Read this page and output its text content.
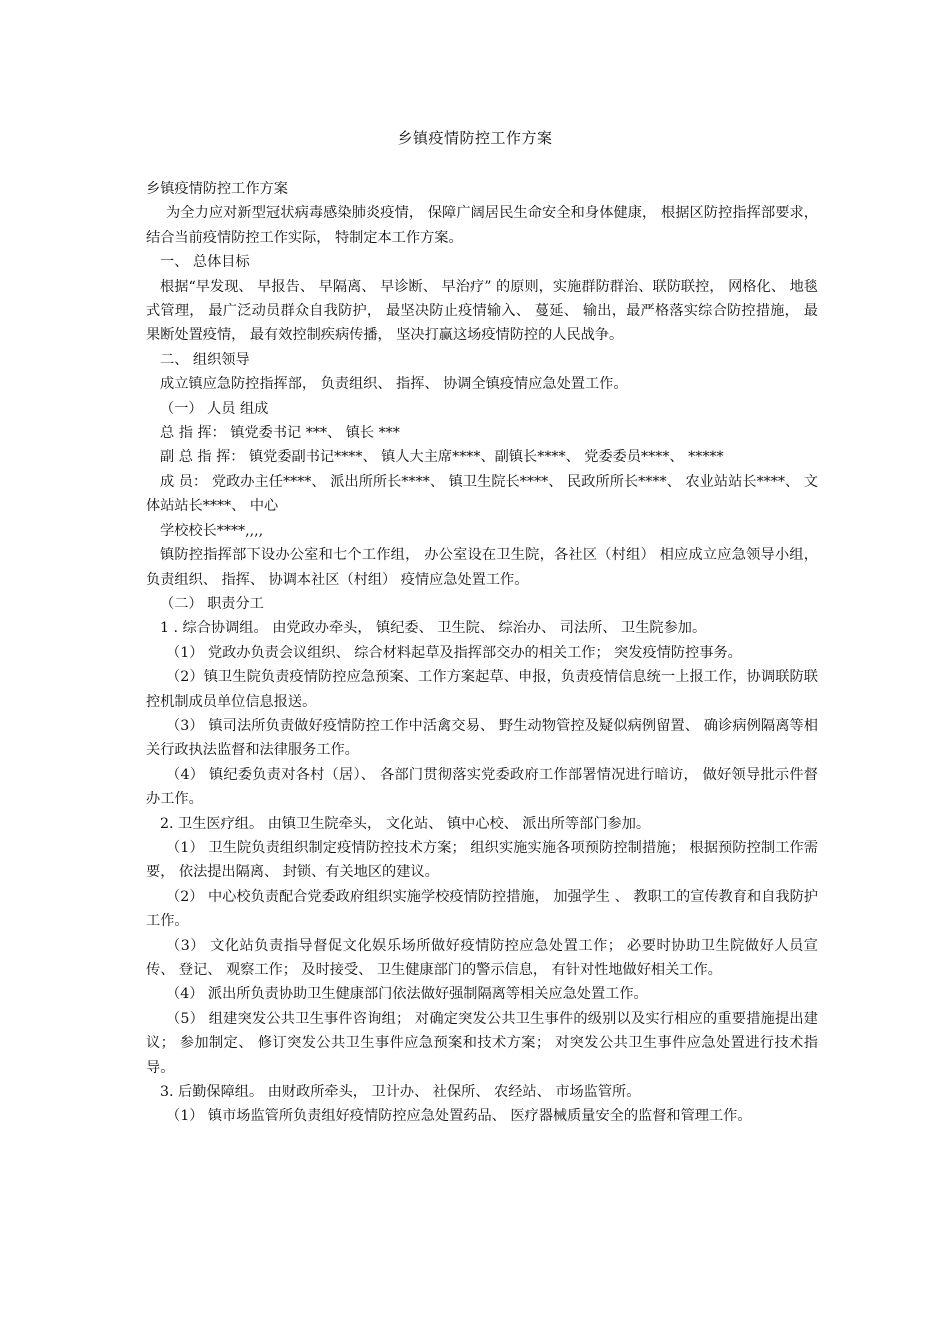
乡镇疫情防控工作方案

乡镇疫情防控工作方案

为全力应对新型冠状病毒感染肺炎疫情， 保障广阔居民生命安全和身体健康， 根据区防控指挥部要求， 结合当前疫情防控工作实际， 特制定本工作方案。

一、 总体目标

根据“早发现、 早报告、 早隔离、 早诊断、 早治疗” 的原则，实施群防群治、联防联控， 网格化、 地毯式管理， 最广泛动员群众自我防护， 最坚决防止疫情输入、 蔓延、 输出，最严格落实综合防控措施， 最果断处置疫情， 最有效控制疾病传播， 坚决打赢这场疫情防控的人民战争。

二、 组织领导

成立镇应急防控指挥部， 负责组织、 指挥、 协调全镇疫情应急处置工作。

（一） 人员 组成

总 指 挥： 镇党委书记 ***、 镇长 ***

副 总 指 挥： 镇党委副书记****、 镇人大主席****、副镇长****、 党委委员****、 *****

成 员： 党政办主任****、 派出所所长****、 镇卫生院长****、 民政所所长****、 农业站站长****、 文体站站长****、 中心

学校校长****,,,,

镇防控指挥部下设办公室和七个工作组， 办公室设在卫生院，各社区（村组） 相应成立应急领导小组， 负责组织、 指挥、 协调本社区（村组） 疫情应急处置工作。

（二） 职责分工

1 . 综合协调组。 由党政办牵头， 镇纪委、 卫生院、 综治办、 司法所、 卫生院参加。

（1） 党政办负责会议组织、 综合材料起草及指挥部交办的相关工作； 突发疫情防控事务。

（2）镇卫生院负责疫情防控应急预案、工作方案起草、申报，负责疫情信息统一上报工作，协调联防联控机制成员单位信息报送。

（3） 镇司法所负责做好疫情防控工作中活禽交易、 野生动物管控及疑似病例留置、 确诊病例隔离等相关行政执法监督和法律服务工作。

（4） 镇纪委负责对各村（居）、 各部门贯彻落实党委政府工作部署情况进行暗访， 做好领导批示件督办工作。

2. 卫生医疗组。 由镇卫生院牵头， 文化站、 镇中心校、 派出所等部门参加。

（1） 卫生院负责组织制定疫情防控技术方案； 组织实施实施各项预防控制措施； 根据预防控制工作需要， 依法提出隔离、 封锁、有关地区的建议。

（2） 中心校负责配合党委政府组织实施学校疫情防控措施， 加强学生 、 教职工的宣传教育和自我防护工作。

（3） 文化站负责指导督促文化娱乐场所做好疫情防控应急处置工作； 必要时协助卫生院做好人员宣传、 登记、 观察工作； 及时接受、 卫生健康部门的警示信息， 有针对性地做好相关工作。

（4） 派出所负责协助卫生健康部门依法做好强制隔离等相关应急处置工作。

（5） 组建突发公共卫生事件咨询组； 对确定突发公共卫生事件的级别以及实行相应的重要措施提出建议； 参加制定、 修订突发公共卫生事件应急预案和技术方案； 对突发公共卫生事件应急处置进行技术指导。

3. 后勤保障组。 由财政所牵头， 卫计办、 社保所、 农经站、 市场监管所。

（1） 镇市场监管所负责组好疫情防控应急处置药品、 医疗器械质量安全的监督和管理工作。
